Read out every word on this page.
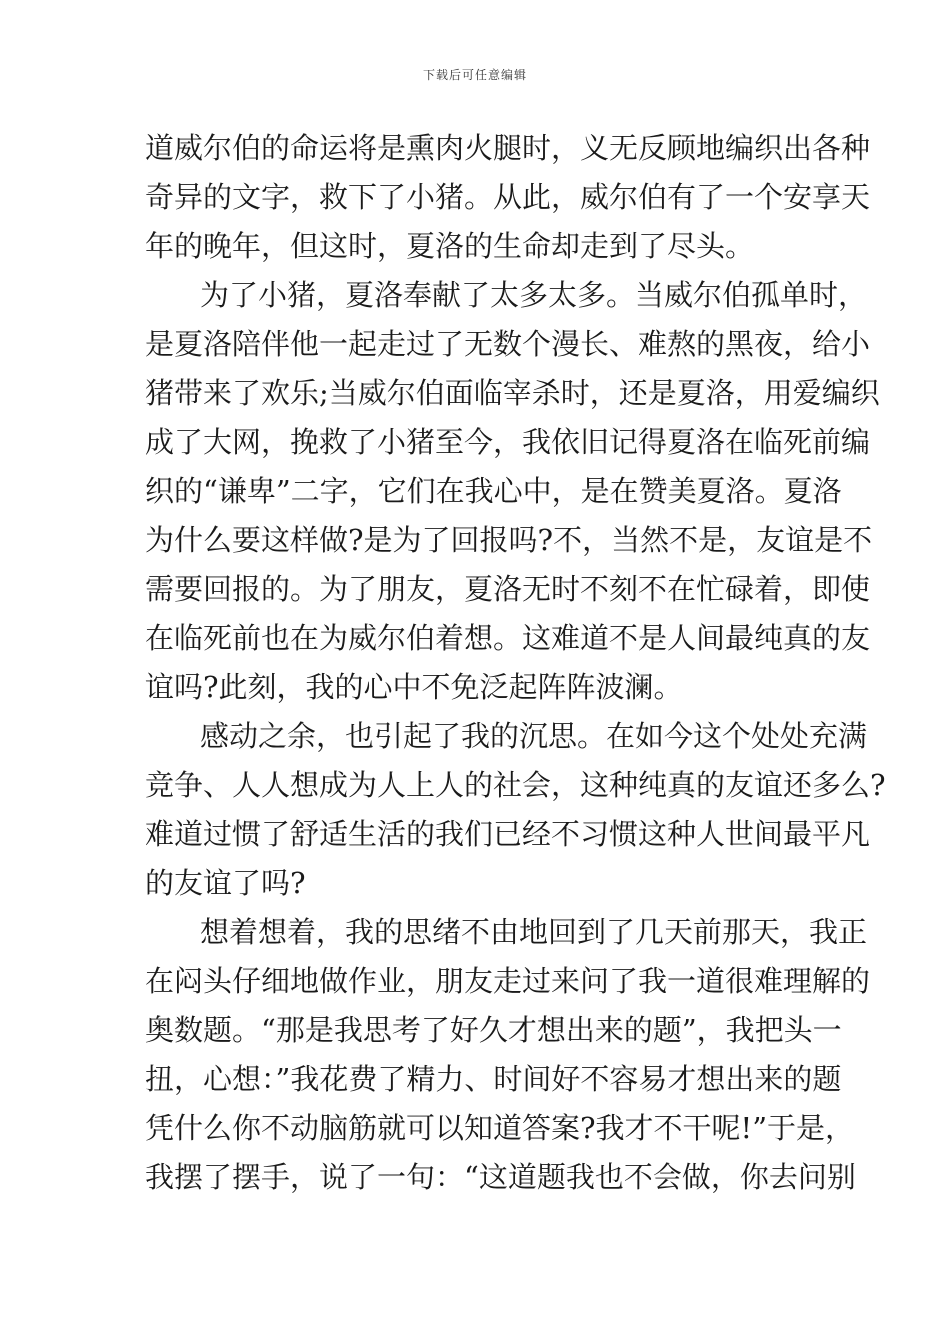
下载后可任意编辑
道威尔伯的命运将是熏肉火腿时，义无反顾地编织出各种
奇异的文字，救下了小猪。从此，威尔伯有了一个安享天
年的晚年，但这时，夏洛的生命却走到了尽头。
为了小猪，夏洛奉献了太多太多。当威尔伯孤单时，
是夏洛陪伴他一起走过了无数个漫长、难熬的黑夜，给小
猪带来了欢乐;当威尔伯面临宰杀时，还是夏洛，用爱编织
成了大网，挽救了小猪至今，我依旧记得夏洛在临死前编
织的“谦卑”二字，它们在我心中，是在赞美夏洛。夏洛
为什么要这样做?是为了回报吗?不，当然不是，友谊是不
需要回报的。为了朋友，夏洛无时不刻不在忙碌着，即使
在临死前也在为威尔伯着想。这难道不是人间最纯真的友
谊吗?此刻，我的心中不免泛起阵阵波澜。
感动之余，也引起了我的沉思。在如今这个处处充满
竞争、人人想成为人上人的社会，这种纯真的友谊还多么?
难道过惯了舒适生活的我们已经不习惯这种人世间最平凡
的友谊了吗?
想着想着，我的思绪不由地回到了几天前那天，我正
在闷头仔细地做作业，朋友走过来问了我一道很难理解的
奥数题。“那是我思考了好久才想出来的题”，我把头一
扭，心想：”我花费了精力、时间好不容易才想出来的题
凭什么你不动脑筋就可以知道答案?我才不干呢!”于是，
我摆了摆手，说了一句：“这道题我也不会做，你去问别
